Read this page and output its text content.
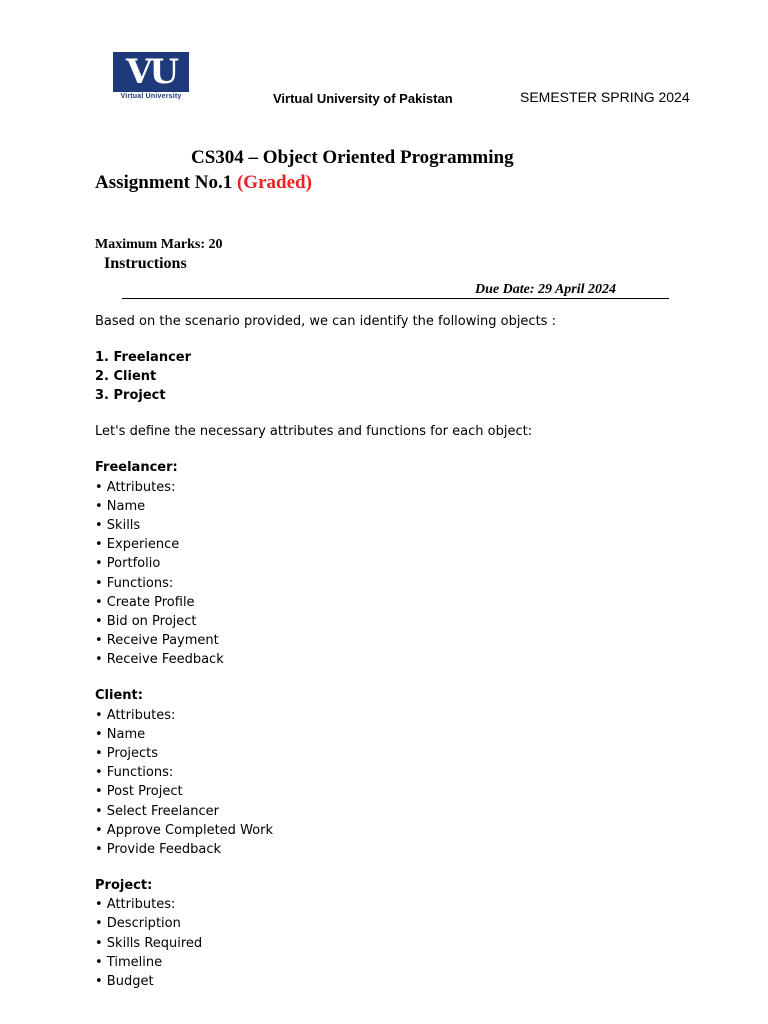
VU
Virtual University	Virtual University of Pakistan	SEMESTER SPRING 2024
CS304 – Object Oriented Programming
Assignment No.1 (Graded)
Maximum Marks: 20
Instructions
Due Date: 29 April 2024

Based on the scenario provided, we can identify the following objects :

1. Freelancer

2. Client

3. Project

Let's define the necessary attributes and functions for each object:

Freelancer:

• Attributes:

• Name

• Skills

• Experience

• Portfolio

• Functions:

• Create Profile

• Bid on Project

• Receive Payment

• Receive Feedback

Client:

• Attributes:

• Name

• Projects

• Functions:

• Post Project

• Select Freelancer

• Approve Completed Work

• Provide Feedback

Project:

• Attributes:

• Description

• Skills Required

• Timeline

• Budget
